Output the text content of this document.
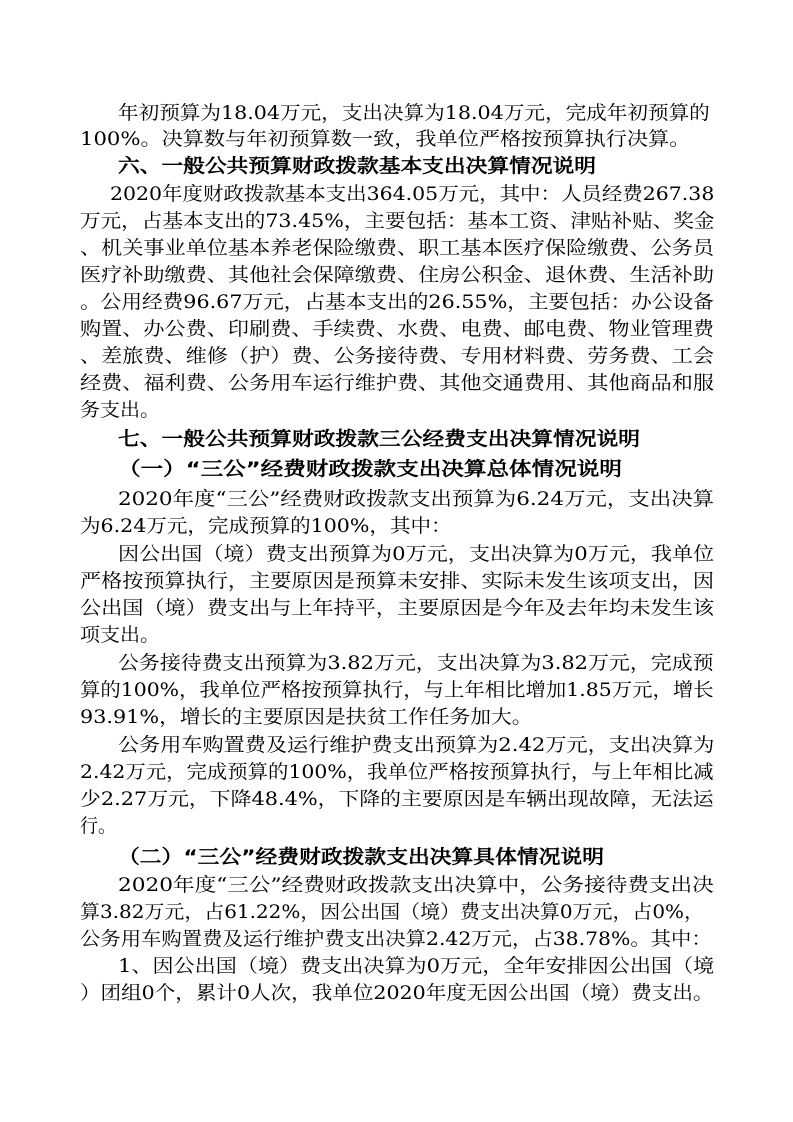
年初预算为18.04万元，支出决算为18.04万元，完成年初预算的
100%。决算数与年初预算数一致，我单位严格按预算执行决算。
六、一般公共预算财政拨款基本支出决算情况说明
2020年度财政拨款基本支出364.05万元，其中：人员经费267.38
万元，占基本支出的73.45%，主要包括：基本工资、津贴补贴、奖金
、机关事业单位基本养老保险缴费、职工基本医疗保险缴费、公务员
医疗补助缴费、其他社会保障缴费、住房公积金、退休费、生活补助
。公用经费96.67万元，占基本支出的26.55%，主要包括：办公设备
购置、办公费、印刷费、手续费、水费、电费、邮电费、物业管理费
、差旅费、维修（护）费、公务接待费、专用材料费、劳务费、工会
经费、福利费、公务用车运行维护费、其他交通费用、其他商品和服
务支出。
七、一般公共预算财政拨款三公经费支出决算情况说明
（一）“三公”经费财政拨款支出决算总体情况说明
2020年度“三公”经费财政拨款支出预算为6.24万元，支出决算
为6.24万元，完成预算的100%，其中：
因公出国（境）费支出预算为0万元，支出决算为0万元，我单位
严格按预算执行，主要原因是预算未安排、实际未发生该项支出，因
公出国（境）费支出与上年持平，主要原因是今年及去年均未发生该
项支出。
公务接待费支出预算为3.82万元，支出决算为3.82万元，完成预
算的100%，我单位严格按预算执行，与上年相比增加1.85万元，增长
93.91%，增长的主要原因是扶贫工作任务加大。
公务用车购置费及运行维护费支出预算为2.42万元，支出决算为
2.42万元，完成预算的100%，我单位严格按预算执行，与上年相比减
少2.27万元，下降48.4%，下降的主要原因是车辆出现故障，无法运
行。
（二）“三公”经费财政拨款支出决算具体情况说明
2020年度“三公”经费财政拨款支出决算中，公务接待费支出决
算3.82万元，占61.22%，因公出国（境）费支出决算0万元，占0%，
公务用车购置费及运行维护费支出决算2.42万元，占38.78%。其中：
1、因公出国（境）费支出决算为0万元，全年安排因公出国（境
）团组0个，累计0人次，我单位2020年度无因公出国（境）费支出。
